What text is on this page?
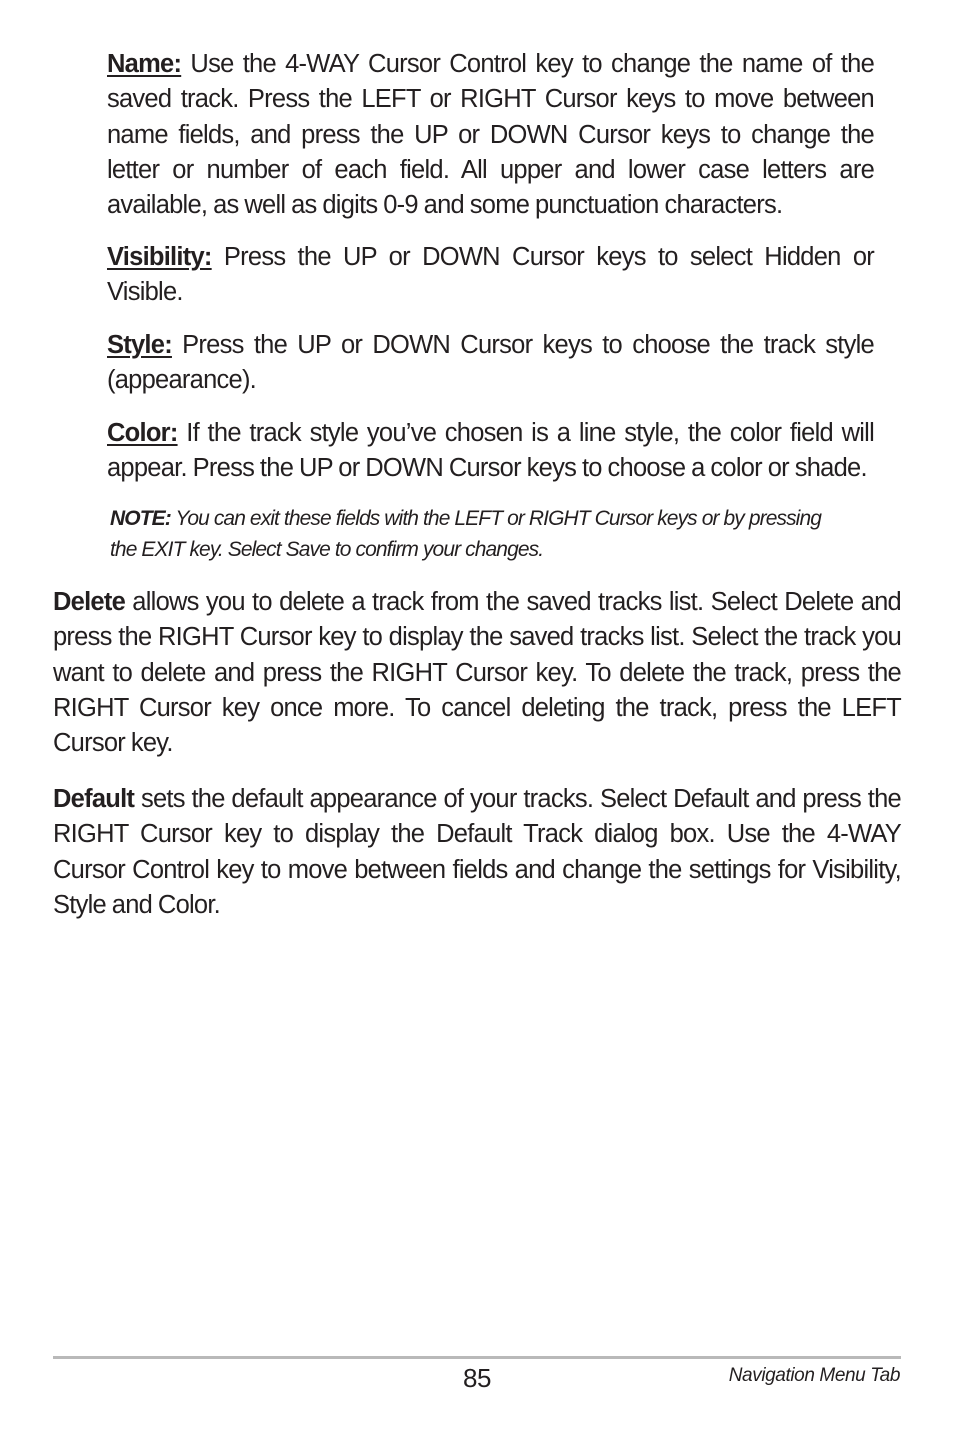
Name: Use the 4-WAY Cursor Control key to change the name of the saved track. Press the LEFT or RIGHT Cursor keys to move between name fields, and press the UP or DOWN Cursor keys to change the letter or number of each field. All upper and lower case letters are available, as well as digits 0-9 and some punctuation characters.

Visibility: Press the UP or DOWN Cursor keys to select Hidden or Visible.

Style: Press the UP or DOWN Cursor keys to choose the track style (appearance).

Color: If the track style you’ve chosen is a line style, the color field will appear. Press the UP or DOWN Cursor keys to choose a color or shade.

NOTE: You can exit these fields with the LEFT or RIGHT Cursor keys or by pressing the EXIT key. Select Save to confirm your changes.

Delete allows you to delete a track from the saved tracks list. Select Delete and press the RIGHT Cursor key to display the saved tracks list. Select the track you want to delete and press the RIGHT Cursor key. To delete the track, press the RIGHT Cursor key once more. To cancel deleting the track, press the LEFT Cursor key.

Default sets the default appearance of your tracks. Select Default and press the RIGHT Cursor key to display the Default Track dialog box. Use the 4-WAY Cursor Control key to move between fields and change the settings for Visibility, Style and Color.

85	Navigation Menu Tab
